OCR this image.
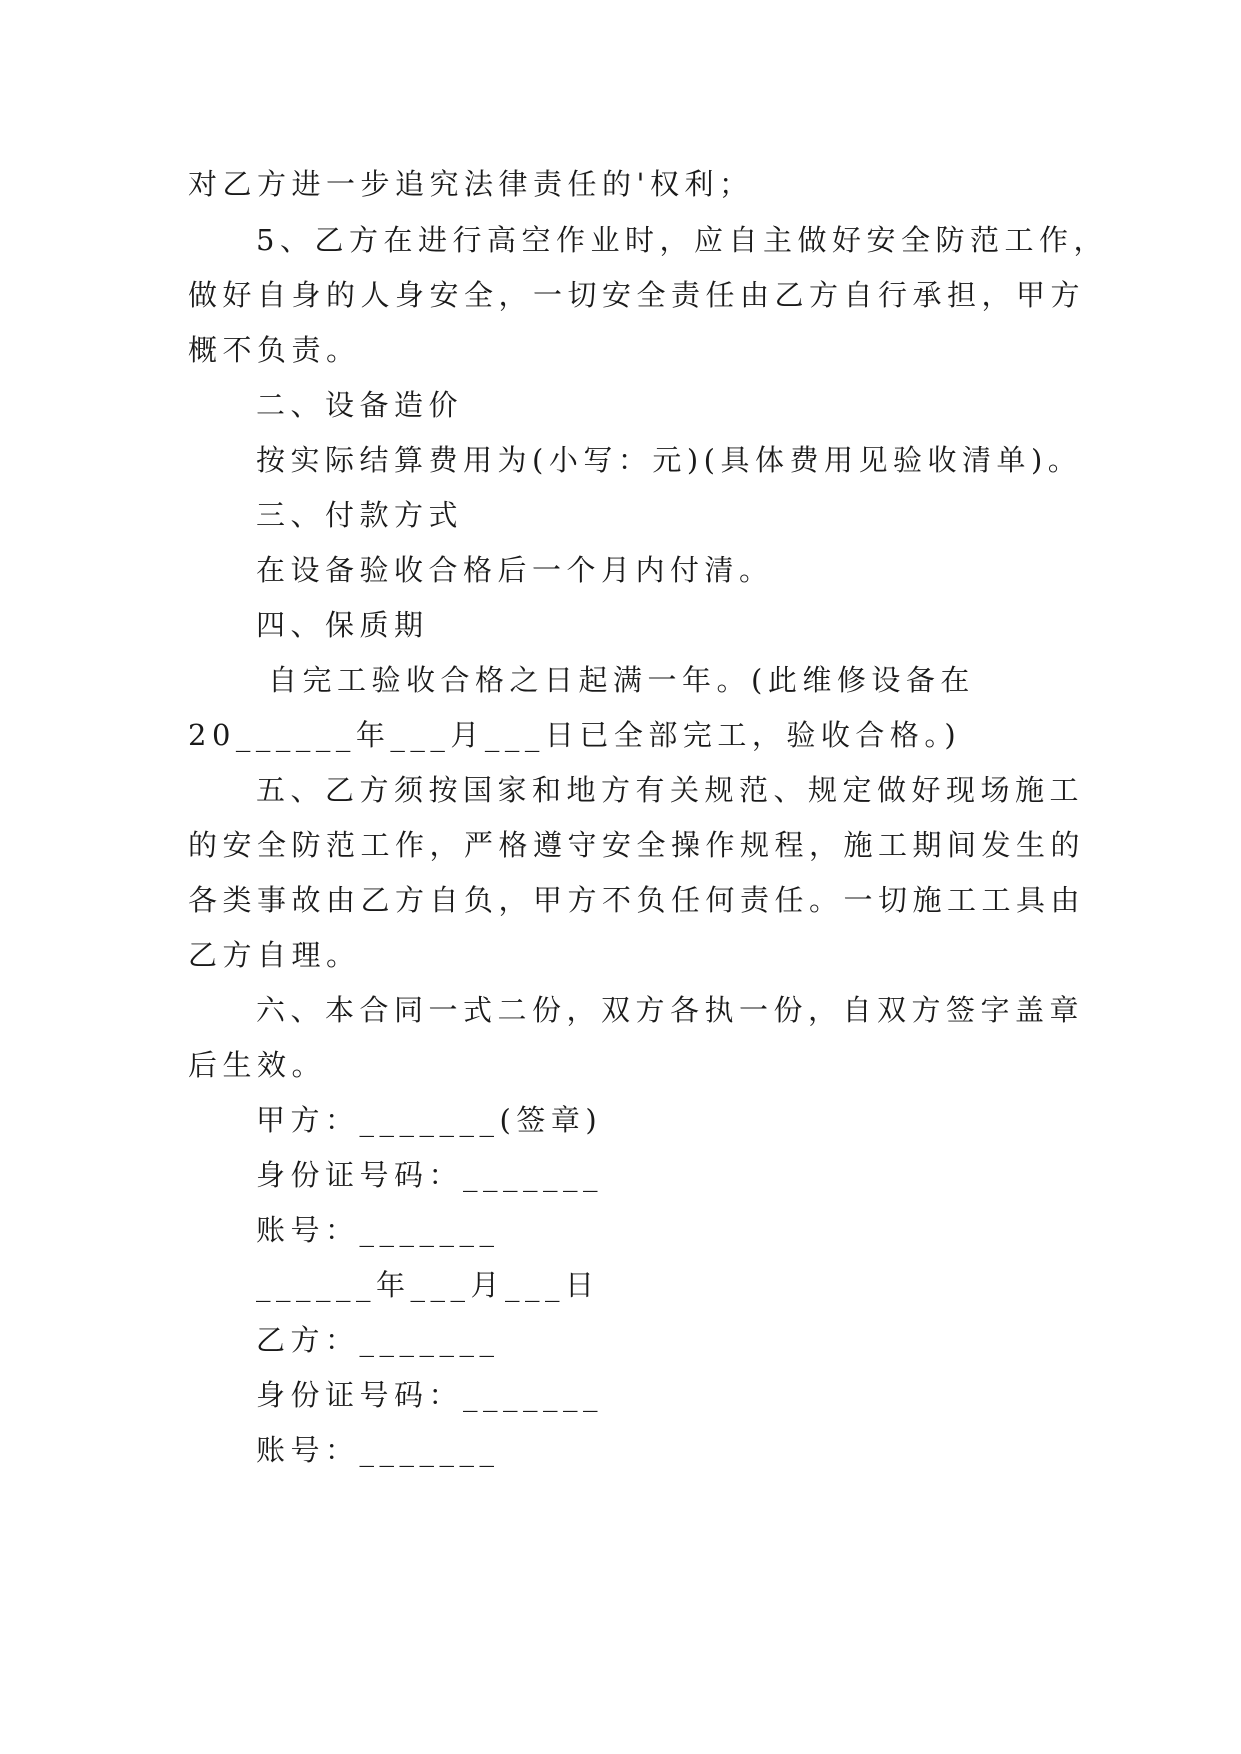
对乙方进一步追究法律责任的'权利；
5、乙方在进行高空作业时，应自主做好安全防范工作，
做好自身的人身安全，一切安全责任由乙方自行承担，甲方
概不负责。
二、设备造价
按实际结算费用为(小写：元)(具体费用见验收清单)。
三、付款方式
在设备验收合格后一个月内付清。
四、保质期
自完工验收合格之日起满一年。(此维修设备在
20______年___月___日已全部完工，验收合格。)
五、乙方须按国家和地方有关规范、规定做好现场施工
的安全防范工作，严格遵守安全操作规程，施工期间发生的
各类事故由乙方自负，甲方不负任何责任。一切施工工具由
乙方自理。
六、本合同一式二份，双方各执一份，自双方签字盖章
后生效。
甲方：_______(签章)
身份证号码：_______
账号：_______
______年___月___日
乙方：_______
身份证号码：_______
账号：_______
